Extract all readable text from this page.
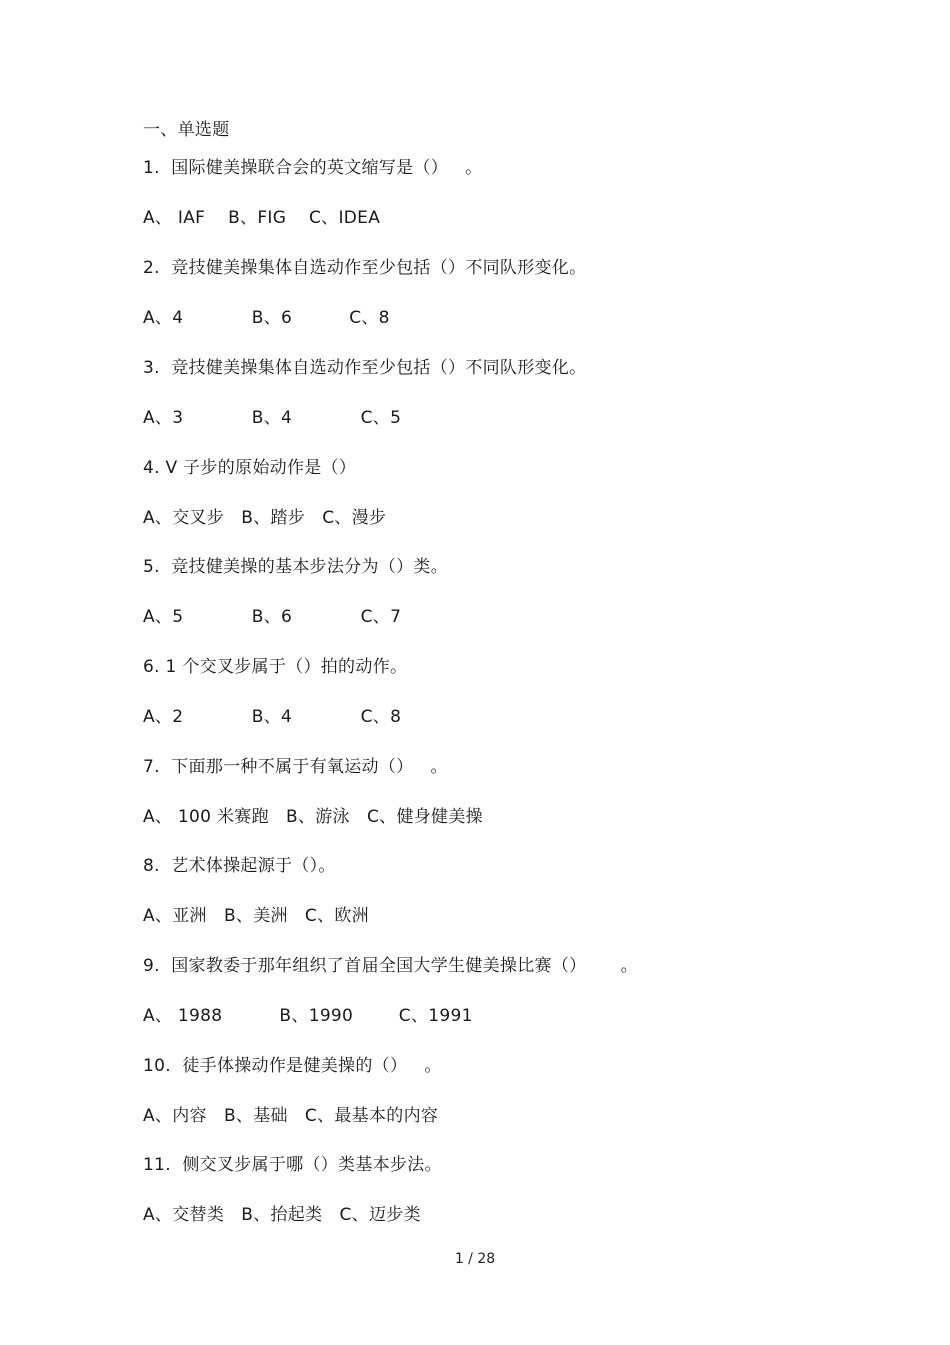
一、单选题
1.  国际健美操联合会的英文缩写是（）   。
A、 IAF    B、FIG    C、IDEA
2.  竞技健美操集体自选动作至少包括（）不同队形变化。
A、4            B、6          C、8
3.  竞技健美操集体自选动作至少包括（）不同队形变化。
A、3            B、4            C、5
4. V 子步的原始动作是（）
A、交叉步   B、踏步   C、漫步
5.  竞技健美操的基本步法分为（）类。
A、5            B、6            C、7
6. 1 个交叉步属于（）拍的动作。
A、2            B、4            C、8
7.  下面那一种不属于有氧运动（）   。
A、 100 米赛跑   B、游泳   C、健身健美操
8.  艺术体操起源于（）。
A、亚洲   B、美洲   C、欧洲
9.  国家教委于那年组织了首届全国大学生健美操比赛（）      。
A、 1988          B、1990        C、1991
10.  徒手体操动作是健美操的（）   。
A、内容   B、基础   C、最基本的内容
11.  侧交叉步属于哪（）类基本步法。
A、交替类   B、抬起类   C、迈步类
1 / 28
